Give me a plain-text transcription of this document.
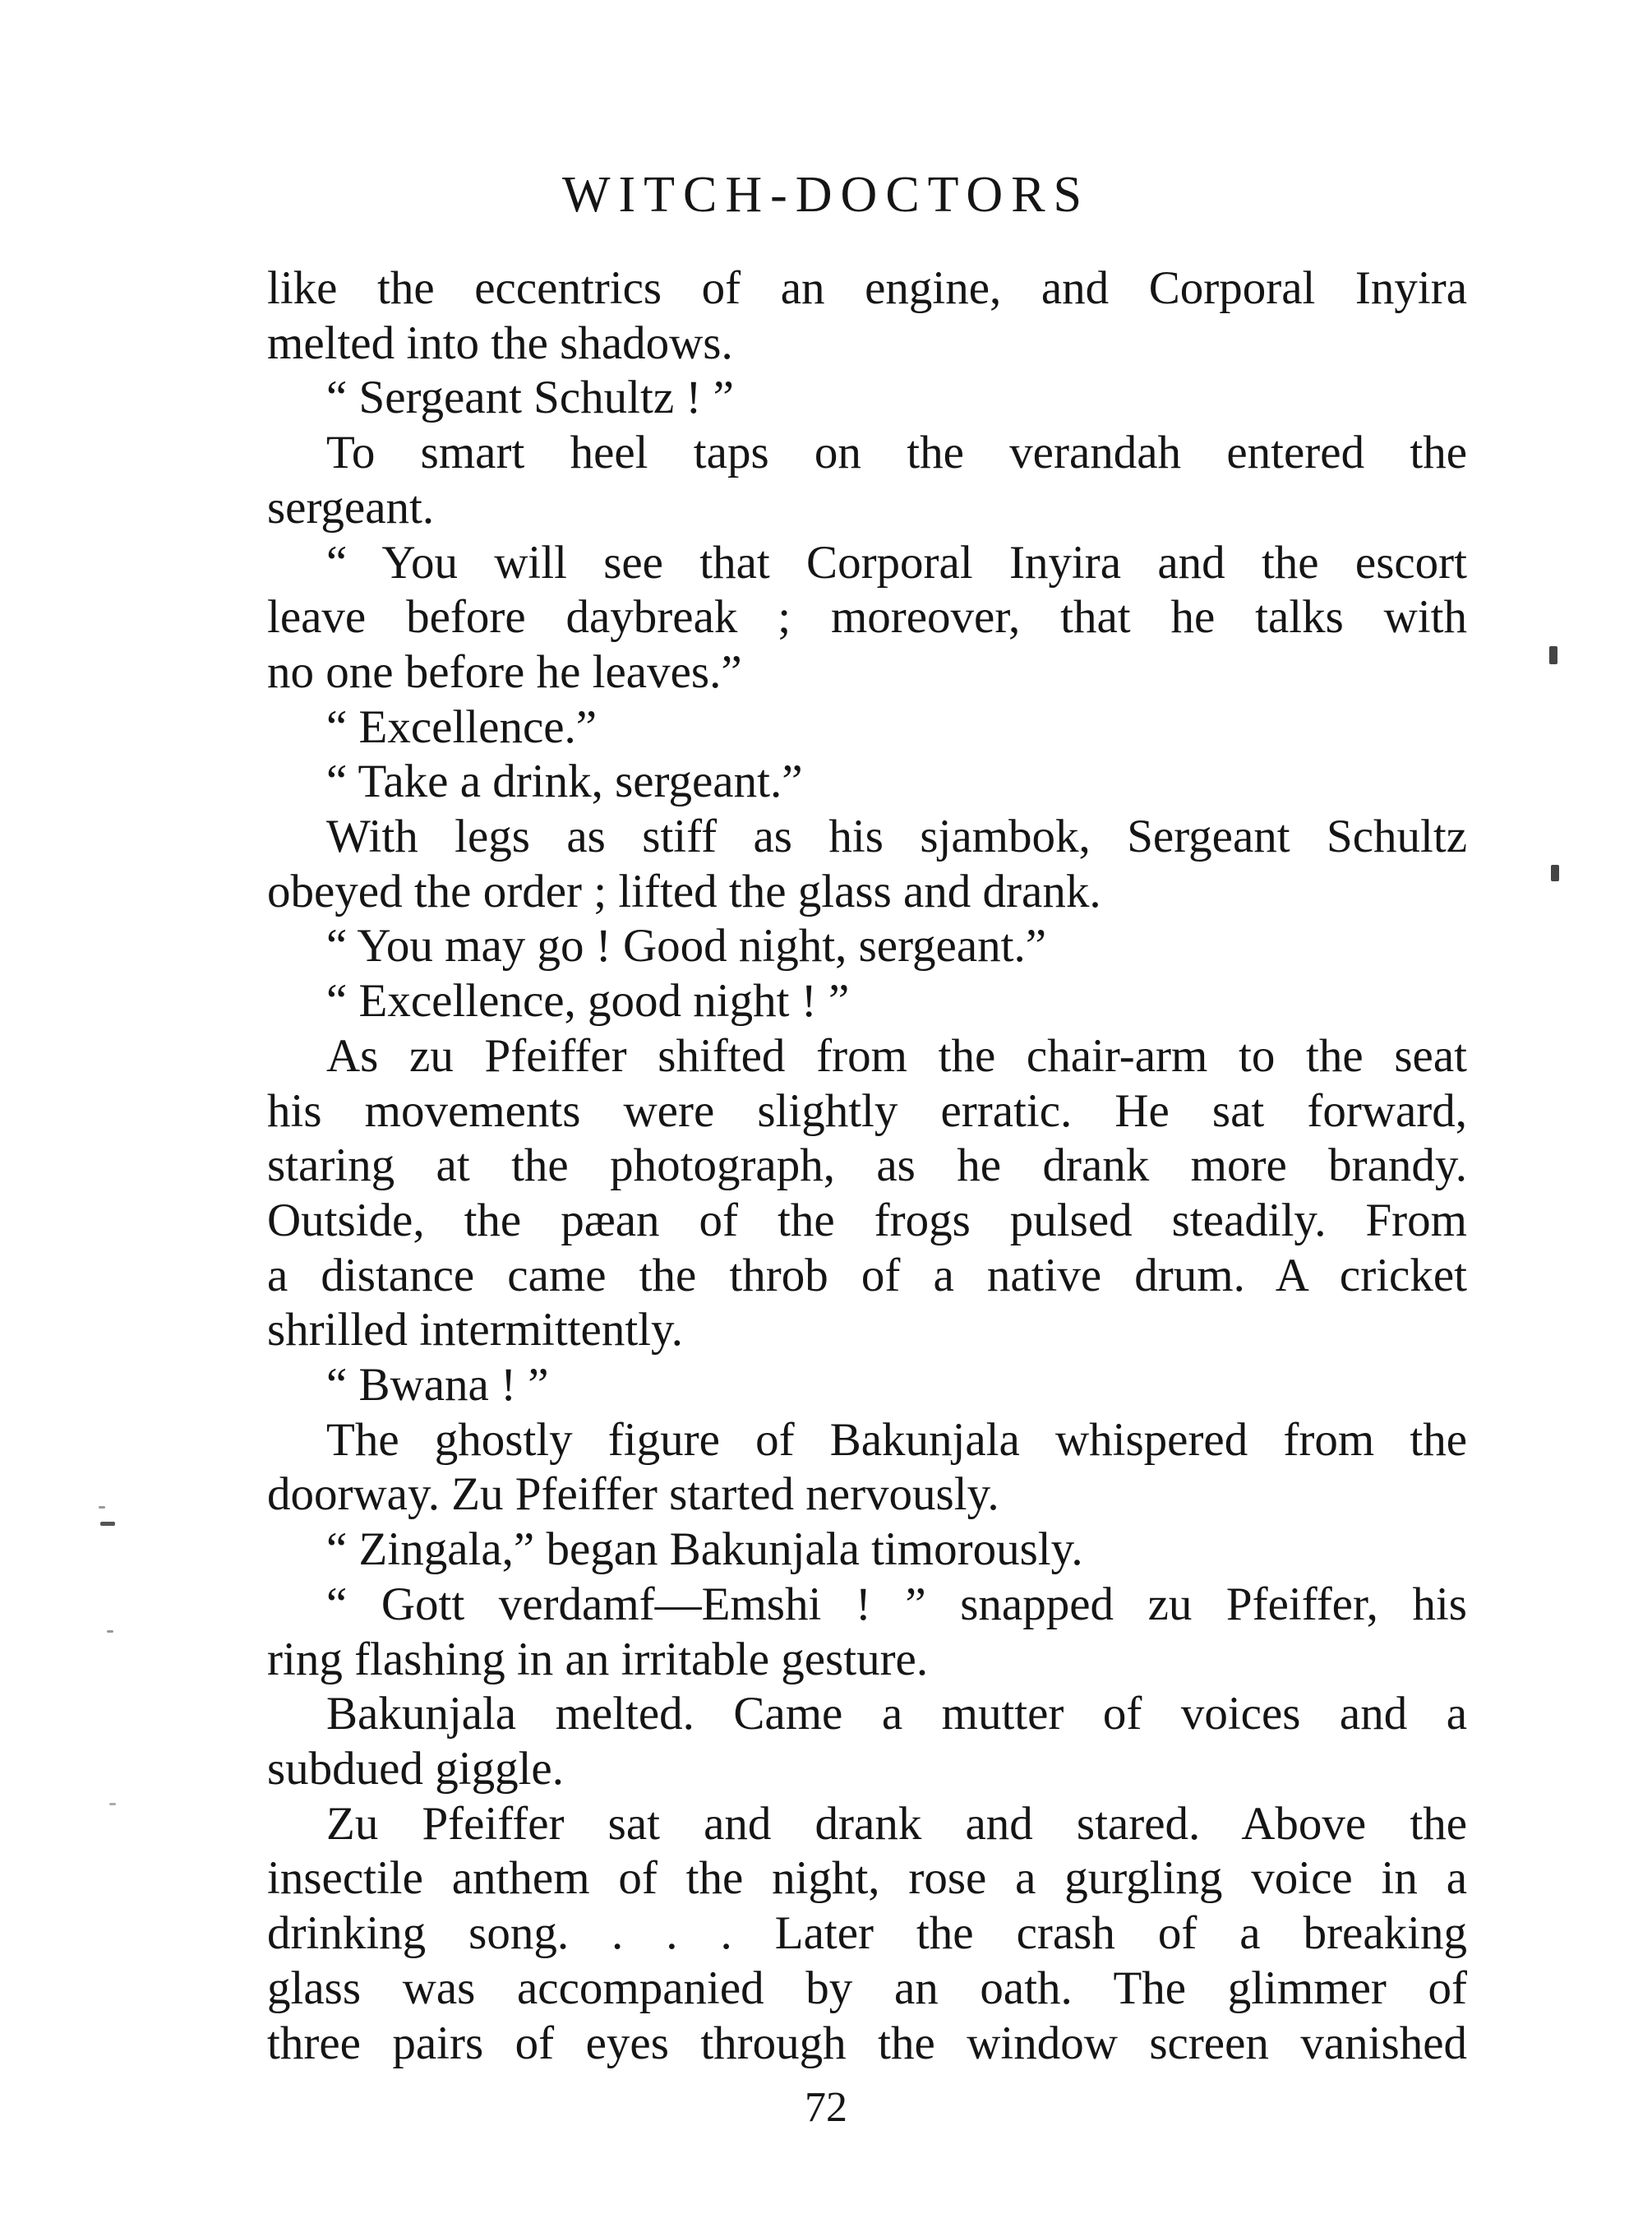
WITCH-DOCTORS

like the eccentrics of an engine, and Corporal Inyira
melted into the shadows.

“ Sergeant Schultz ! ”

To smart heel taps on the verandah entered the
sergeant.

“ You will see that Corporal Inyira and the escort
leave before daybreak ; moreover, that he talks with
no one before he leaves.”

“ Excellence.”

“ Take a drink, sergeant.”

With legs as stiff as his sjambok, Sergeant Schultz
obeyed the order ; lifted the glass and drank.

“ You may go ! Good night, sergeant.”

“ Excellence, good night ! ”

As zu Pfeiffer shifted from the chair-arm to the seat
his movements were slightly erratic. He sat forward,
staring at the photograph, as he drank more brandy.
Outside, the pæan of the frogs pulsed steadily. From
a distance came the throb of a native drum. A cricket
shrilled intermittently.

“ Bwana ! ”

The ghostly figure of Bakunjala whispered from the
doorway. Zu Pfeiffer started nervously.

“ Zingala,” began Bakunjala timorously.

“ Gott verdamf—Emshi ! ” snapped zu Pfeiffer, his
ring flashing in an irritable gesture.

Bakunjala melted. Came a mutter of voices and a
subdued giggle.

Zu Pfeiffer sat and drank and stared. Above the
insectile anthem of the night, rose a gurgling voice in a
drinking song. . . . Later the crash of a breaking
glass was accompanied by an oath. The glimmer of
three pairs of eyes through the window screen vanished

72
